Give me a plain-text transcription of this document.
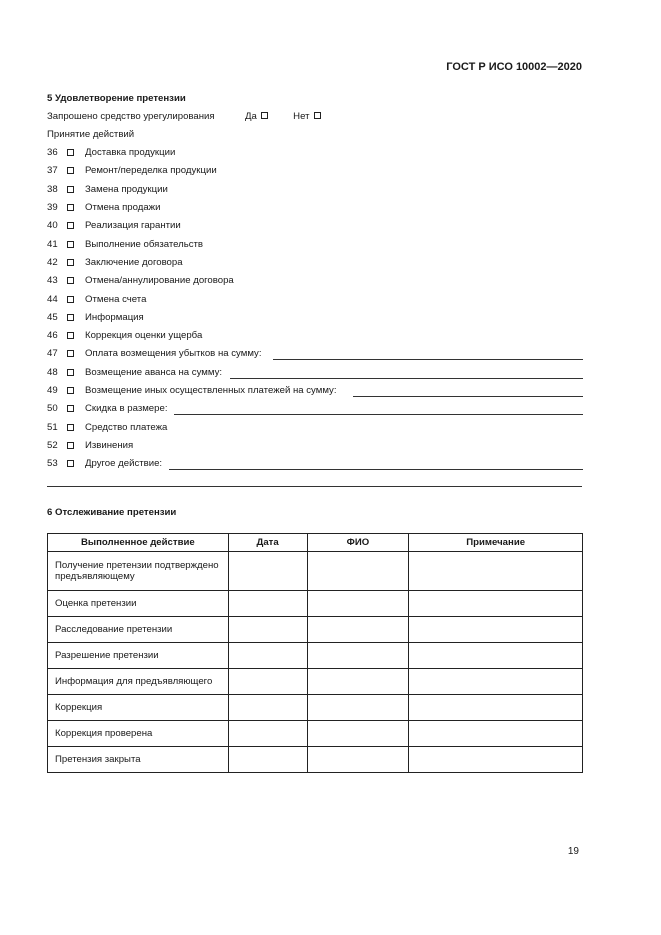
ГОСТ Р ИСО 10002—2020
5 Удовлетворение претензии
Запрошено средство урегулирования	Да	Нет
Принятие действий
36	Доставка продукции
37	Ремонт/переделка продукции
38	Замена продукции
39	Отмена продажи
40	Реализация гарантии
41	Выполнение обязательств
42	Заключение договора
43	Отмена/аннулирование договора
44	Отмена счета
45	Информация
46	Коррекция оценки ущерба
47	Оплата возмещения убытков на сумму:
48	Возмещение аванса на сумму:
49	Возмещение иных осуществленных платежей на сумму:
50	Скидка в размере:
51	Средство платежа
52	Извинения
53	Другое действие:
6 Отслеживание претензии
Выполненное действие	Дата	ФИО	Примечание
Получение претензии подтверждено предъявляющему			
Оценка претензии			
Расследование претензии			
Разрешение претензии			
Информация для предъявляющего			
Коррекция			
Коррекция проверена			
Претензия закрыта			
19
